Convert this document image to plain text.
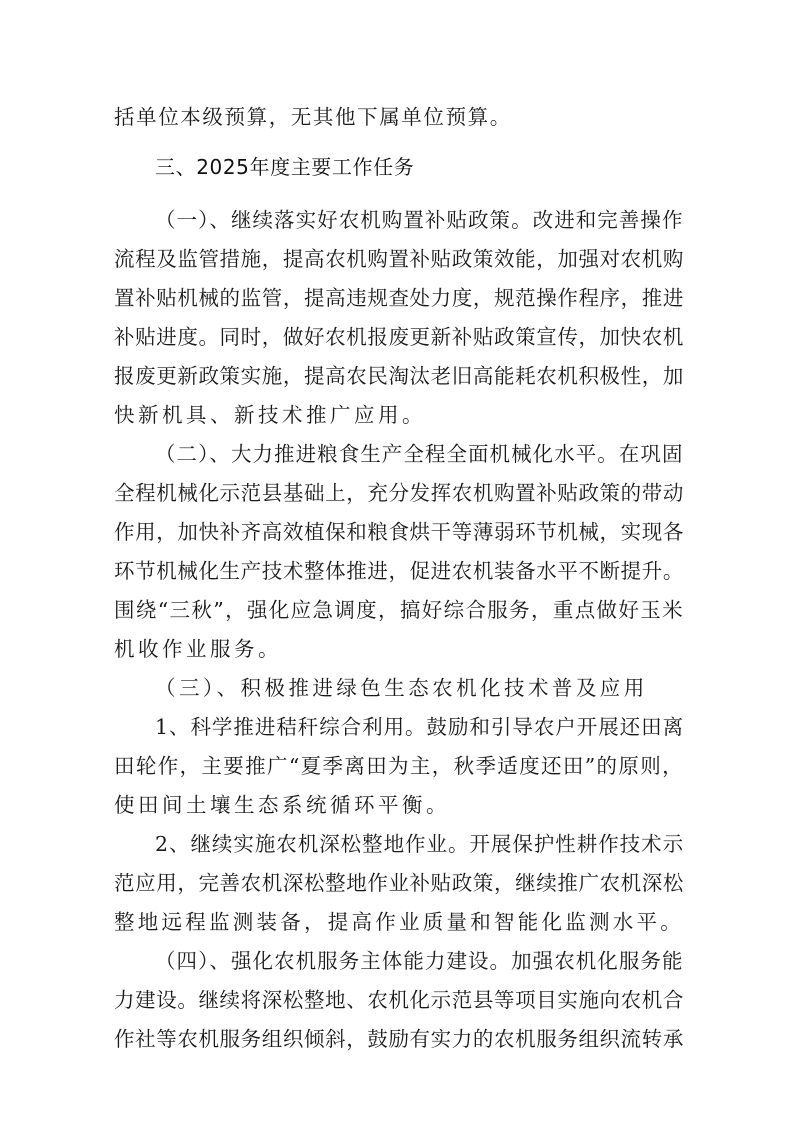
括单位本级预算，无其他下属单位预算。
三、2025年度主要工作任务
（一）、继续落实好农机购置补贴政策。改进和完善操作
流程及监管措施，提高农机购置补贴政策效能，加强对农机购
置补贴机械的监管，提高违规查处力度，规范操作程序，推进
补贴进度。同时，做好农机报废更新补贴政策宣传，加快农机
报废更新政策实施，提高农民淘汰老旧高能耗农机积极性，加
快新机具、新技术推广应用。
（二）、大力推进粮食生产全程全面机械化水平。在巩固
全程机械化示范县基础上，充分发挥农机购置补贴政策的带动
作用，加快补齐高效植保和粮食烘干等薄弱环节机械，实现各
环节机械化生产技术整体推进，促进农机装备水平不断提升。
围绕“三秋”，强化应急调度，搞好综合服务，重点做好玉米
机收作业服务。
（三）、积极推进绿色生态农机化技术普及应用
1、科学推进秸秆综合利用。鼓励和引导农户开展还田离
田轮作，主要推广“夏季离田为主，秋季适度还田”的原则，
使田间土壤生态系统循环平衡。
2、继续实施农机深松整地作业。开展保护性耕作技术示
范应用，完善农机深松整地作业补贴政策，继续推广农机深松
整地远程监测装备，提高作业质量和智能化监测水平。
（四）、强化农机服务主体能力建设。加强农机化服务能
力建设。继续将深松整地、农机化示范县等项目实施向农机合
作社等农机服务组织倾斜，鼓励有实力的农机服务组织流转承
